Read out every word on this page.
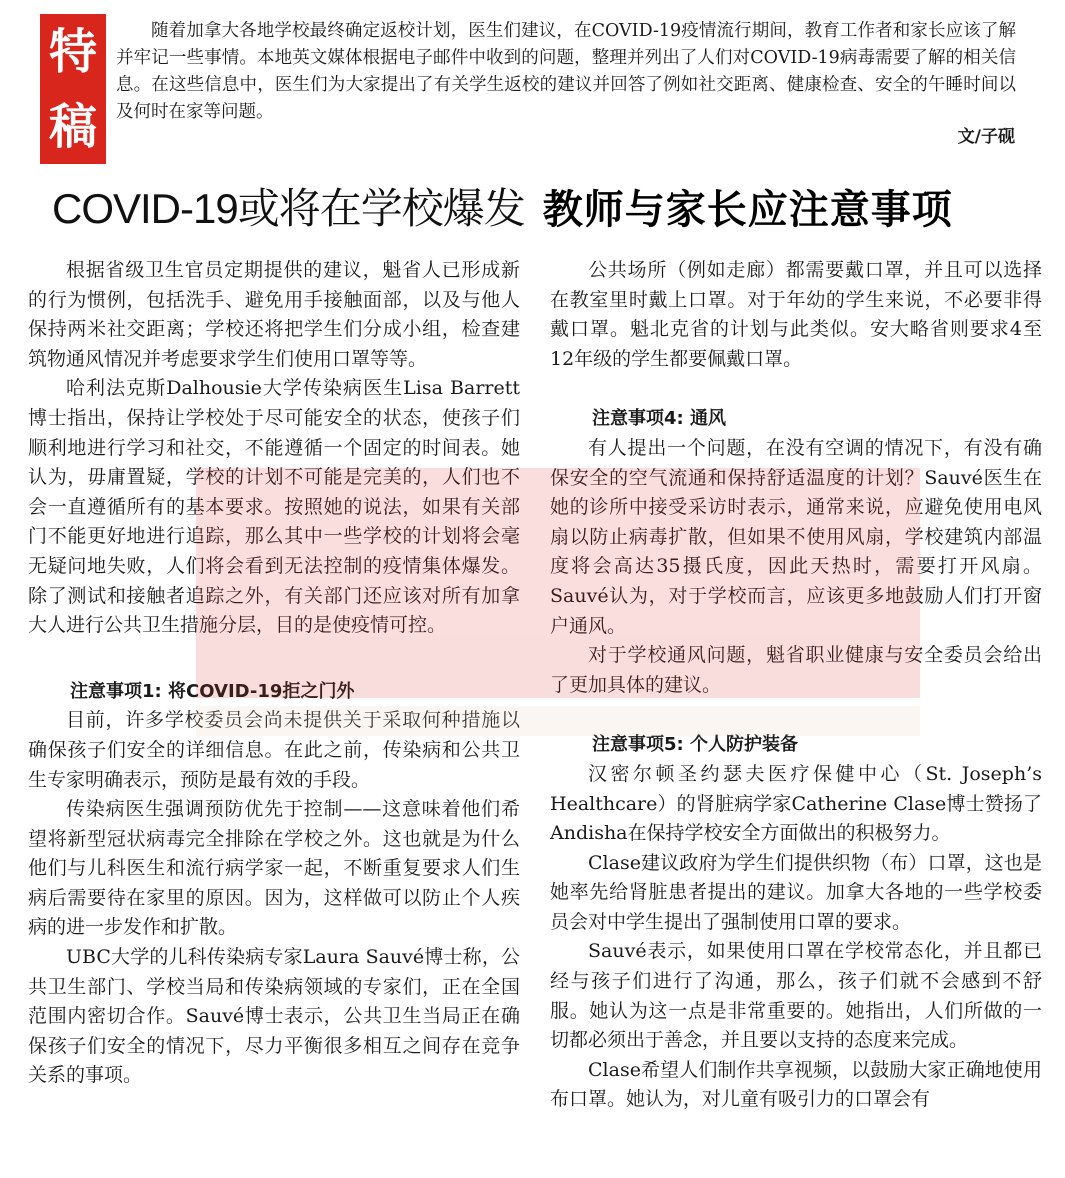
特
稿

随着加拿大各地学校最终确定返校计划，医生们建议，在COVID-19疫情流行期间，教育工作者和家长应该了解并牢记一些事情。本地英文媒体根据电子邮件中收到的问题，整理并列出了人们对COVID-19病毒需要了解的相关信息。在这些信息中，医生们为大家提出了有关学生返校的建议并回答了例如社交距离、健康检查、安全的午睡时间以及何时在家等问题。

文/子砚
COVID-19或将在学校爆发 教师与家长应注意事项

根据省级卫生官员定期提供的建议，魁省人已形成新的行为惯例，包括洗手、避免用手接触面部，以及与他人保持两米社交距离；学校还将把学生们分成小组，检查建筑物通风情况并考虑要求学生们使用口罩等等。

哈利法克斯Dalhousie大学传染病医生Lisa Barrett博士指出，保持让学校处于尽可能安全的状态，使孩子们顺利地进行学习和社交，不能遵循一个固定的时间表。她认为，毋庸置疑，学校的计划不可能是完美的，人们也不会一直遵循所有的基本要求。按照她的说法，如果有关部门不能更好地进行追踪，那么其中一些学校的计划将会毫无疑问地失败，人们将会看到无法控制的疫情集体爆发。除了测试和接触者追踪之外，有关部门还应该对所有加拿大人进行公共卫生措施分层，目的是使疫情可控。

注意事项1: 将COVID-19拒之门外

目前，许多学校委员会尚未提供关于采取何种措施以确保孩子们安全的详细信息。在此之前，传染病和公共卫生专家明确表示，预防是最有效的手段。

传染病医生强调预防优先于控制——这意味着他们希望将新型冠状病毒完全排除在学校之外。这也就是为什么他们与儿科医生和流行病学家一起，不断重复要求人们生病后需要待在家里的原因。因为，这样做可以防止个人疾病的进一步发作和扩散。

UBC大学的儿科传染病专家Laura Sauvé博士称，公共卫生部门、学校当局和传染病领域的专家们，正在全国范围内密切合作。Sauvé博士表示，公共卫生当局正在确保孩子们安全的情况下，尽力平衡很多相互之间存在竞争关系的事项。

公共场所（例如走廊）都需要戴口罩，并且可以选择在教室里时戴上口罩。对于年幼的学生来说，不必要非得戴口罩。魁北克省的计划与此类似。安大略省则要求4至12年级的学生都要佩戴口罩。

注意事项4: 通风

有人提出一个问题，在没有空调的情况下，有没有确保安全的空气流通和保持舒适温度的计划？Sauvé医生在她的诊所中接受采访时表示，通常来说，应避免使用电风扇以防止病毒扩散，但如果不使用风扇，学校建筑内部温度将会高达35摄氏度，因此天热时，需要打开风扇。Sauvé认为，对于学校而言，应该更多地鼓励人们打开窗户通风。

对于学校通风问题，魁省职业健康与安全委员会给出了更加具体的建议。

注意事项5: 个人防护装备

汉密尔顿圣约瑟夫医疗保健中心（St. Joseph’s Healthcare）的肾脏病学家Catherine Clase博士赞扬了Andisha在保持学校安全方面做出的积极努力。

Clase建议政府为学生们提供织物（布）口罩，这也是她率先给肾脏患者提出的建议。加拿大各地的一些学校委员会对中学生提出了强制使用口罩的要求。

Sauvé表示，如果使用口罩在学校常态化，并且都已经与孩子们进行了沟通，那么，孩子们就不会感到不舒服。她认为这一点是非常重要的。她指出，人们所做的一切都必须出于善念，并且要以支持的态度来完成。

Clase希望人们制作共享视频，以鼓励大家正确地使用布口罩。她认为，对儿童有吸引力的口罩会有
